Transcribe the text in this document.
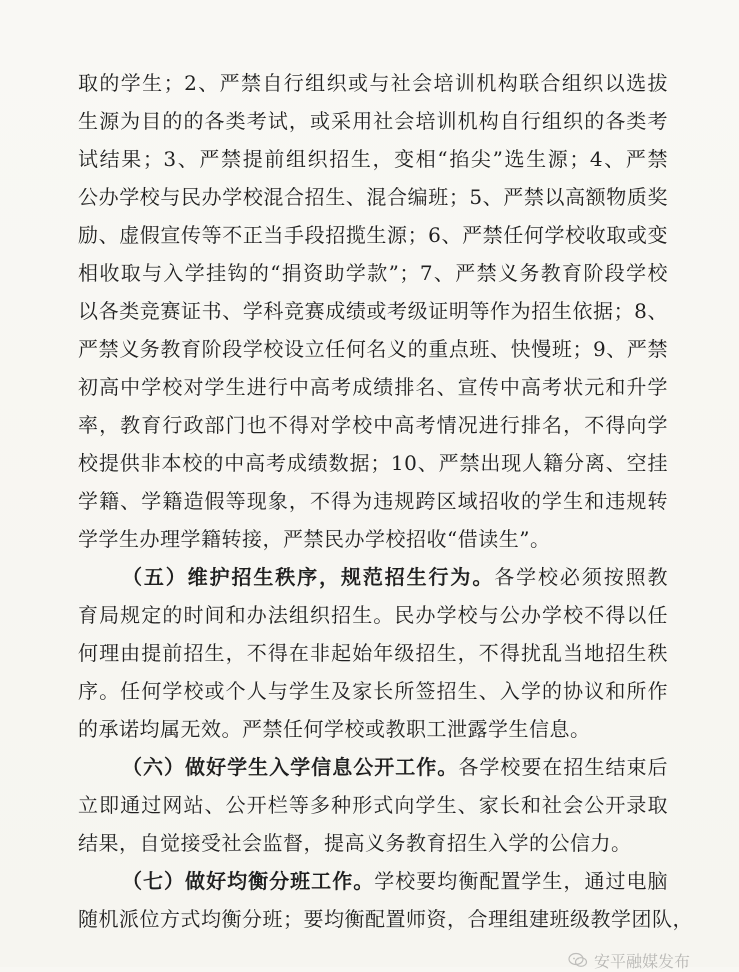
取的学生；2、严禁自行组织或与社会培训机构联合组织以选拔
生源为目的的各类考试，或采用社会培训机构自行组织的各类考
试结果；3、严禁提前组织招生，变相“掐尖”选生源；4、严禁
公办学校与民办学校混合招生、混合编班；5、严禁以高额物质奖
励、虚假宣传等不正当手段招揽生源；6、严禁任何学校收取或变
相收取与入学挂钩的“捐资助学款”；7、严禁义务教育阶段学校
以各类竞赛证书、学科竞赛成绩或考级证明等作为招生依据；8、
严禁义务教育阶段学校设立任何名义的重点班、快慢班；9、严禁
初高中学校对学生进行中高考成绩排名、宣传中高考状元和升学
率，教育行政部门也不得对学校中高考情况进行排名，不得向学
校提供非本校的中高考成绩数据；10、严禁出现人籍分离、空挂
学籍、学籍造假等现象，不得为违规跨区域招收的学生和违规转
学学生办理学籍转接，严禁民办学校招收“借读生”。
（五）维护招生秩序，规范招生行为。各学校必须按照教
育局规定的时间和办法组织招生。民办学校与公办学校不得以任
何理由提前招生，不得在非起始年级招生，不得扰乱当地招生秩
序。任何学校或个人与学生及家长所签招生、入学的协议和所作
的承诺均属无效。严禁任何学校或教职工泄露学生信息。
（六）做好学生入学信息公开工作。各学校要在招生结束后
立即通过网站、公开栏等多种形式向学生、家长和社会公开录取
结果，自觉接受社会监督，提高义务教育招生入学的公信力。
（七）做好均衡分班工作。学校要均衡配置学生，通过电脑
随机派位方式均衡分班；要均衡配置师资，合理组建班级教学团队，
安平融媒发布
